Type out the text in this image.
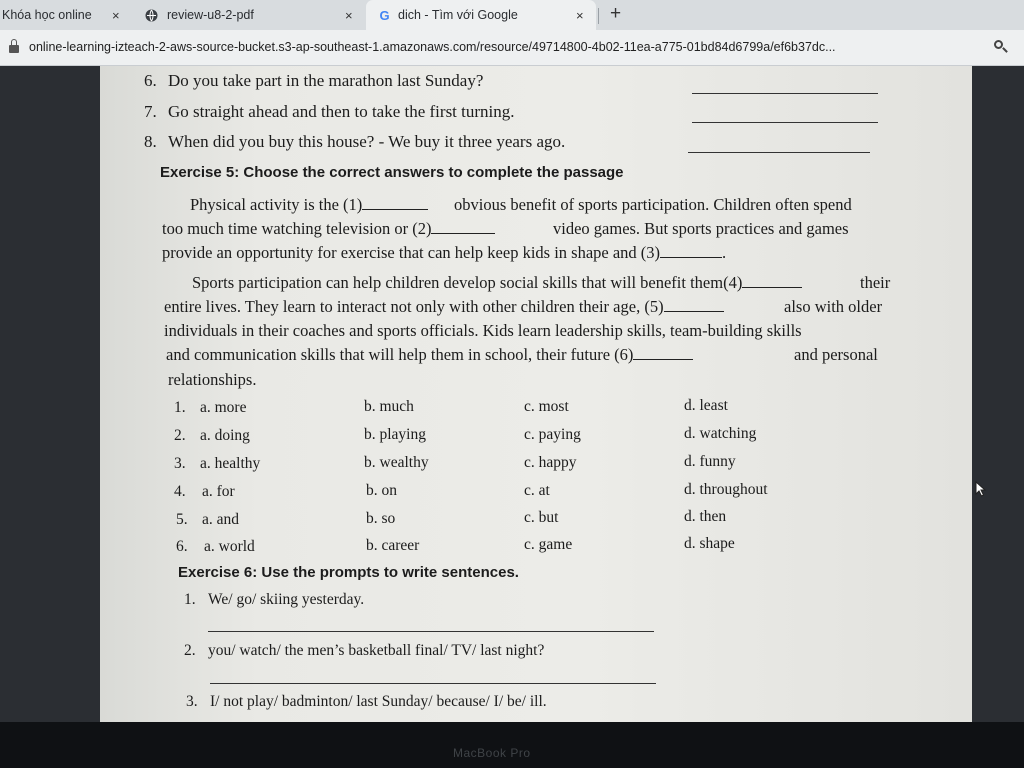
Khóa học online ×	review-u8-2-pdf	× G dich - Tìm với Google	× +
online-learning-izteach-2-aws-source-bucket.s3-ap-southeast-1.amazonaws.com/resource/49714800-4b02-11ea-a775-01bd84d6799a/ef6b37dc...
6. Do you take part in the marathon last Sunday?
7. Go straight ahead and then to take the first turning.
8. When did you buy this house? - We buy it three years ago.
Exercise 5: Choose the correct answers to complete the passage
Physical activity is the (1)	obvious benefit of sports participation. Children often spend
too much time watching television or (2)	video games. But sports practices and games
provide an opportunity for exercise that can help keep kids in shape and (3)	.
Sports participation can help children develop social skills that will benefit them(4)	their
entire lives. They learn to interact not only with other children their age, (5)	also with older
individuals in their coaches and sports officials. Kids learn leadership skills, team-building skills
and communication skills that will help them in school, their future (6)	and personal
relationships.
1. a. more	b. much	c. most	d. least
2. a. doing	b. playing	c. paying	d. watching
3. a. healthy	b. wealthy	c. happy	d. funny
4. a. for	b. on	c. at	d. throughout
5. a. and	b. so	c. but	d. then
6. a. world	b. career	c. game	d. shape
Exercise 6: Use the prompts to write sentences.
1. We/ go/ skiing yesterday.
2. you/ watch/ the men’s basketball final/ TV/ last night?
3. I/ not play/ badminton/ last Sunday/ because/ I/ be/ ill.
MacBook Pro
